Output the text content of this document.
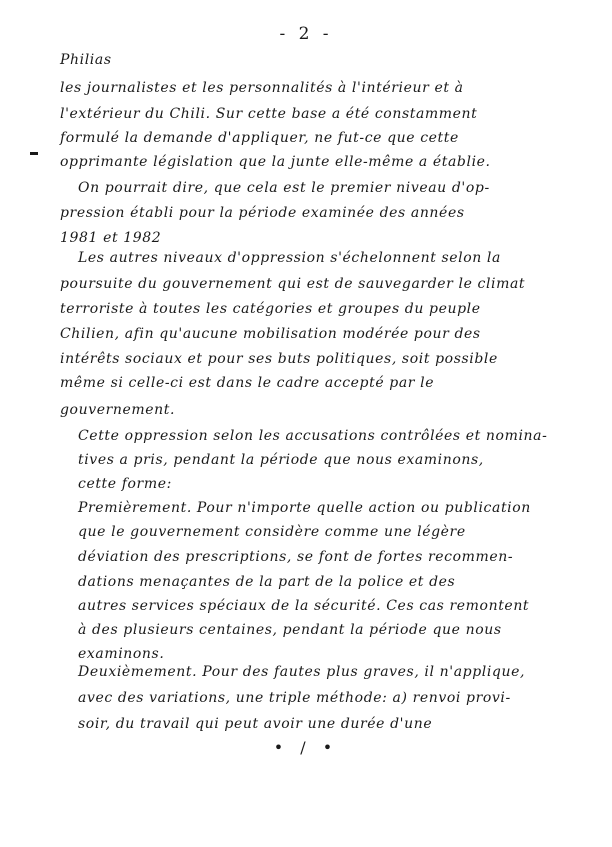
- 2 -
Philias
les journalistes et les personnalités à l'intérieur et à
l'extérieur du Chili. Sur cette base a été constamment
formulé la demande d'appliquer, ne fut-ce que cette
opprimante législation que la junte elle-même a établie.
On pourrait dire, que cela est le premier niveau d'op-
pression établi pour la période examinée des années
1981 et 1982
Les autres niveaux d'oppression s'échelonnent selon la
poursuite du gouvernement qui est de sauvegarder le climat
terroriste à toutes les catégories et groupes du peuple
Chilien, afin qu'aucune mobilisation modérée pour des
intérêts sociaux et pour ses buts politiques, soit possible
même si celle-ci est dans le cadre accepté par le
gouvernement.
Cette oppression selon les accusations contrôlées et nomina-
tives a pris, pendant la période que nous examinons,
cette forme:
Premièrement. Pour n'importe quelle action ou publication
que le gouvernement considère comme une légère
déviation des prescriptions, se font de fortes recommen-
dations menaçantes de la part de la police et des
autres services spéciaux de la sécurité. Ces cas remontent
à des plusieurs centaines, pendant la période que nous
examinons.
Deuxièmement. Pour des fautes plus graves, il n'applique,
avec des variations, une triple méthode: a) renvoi provi-
soir, du travail qui peut avoir une durée d'une
• / •
